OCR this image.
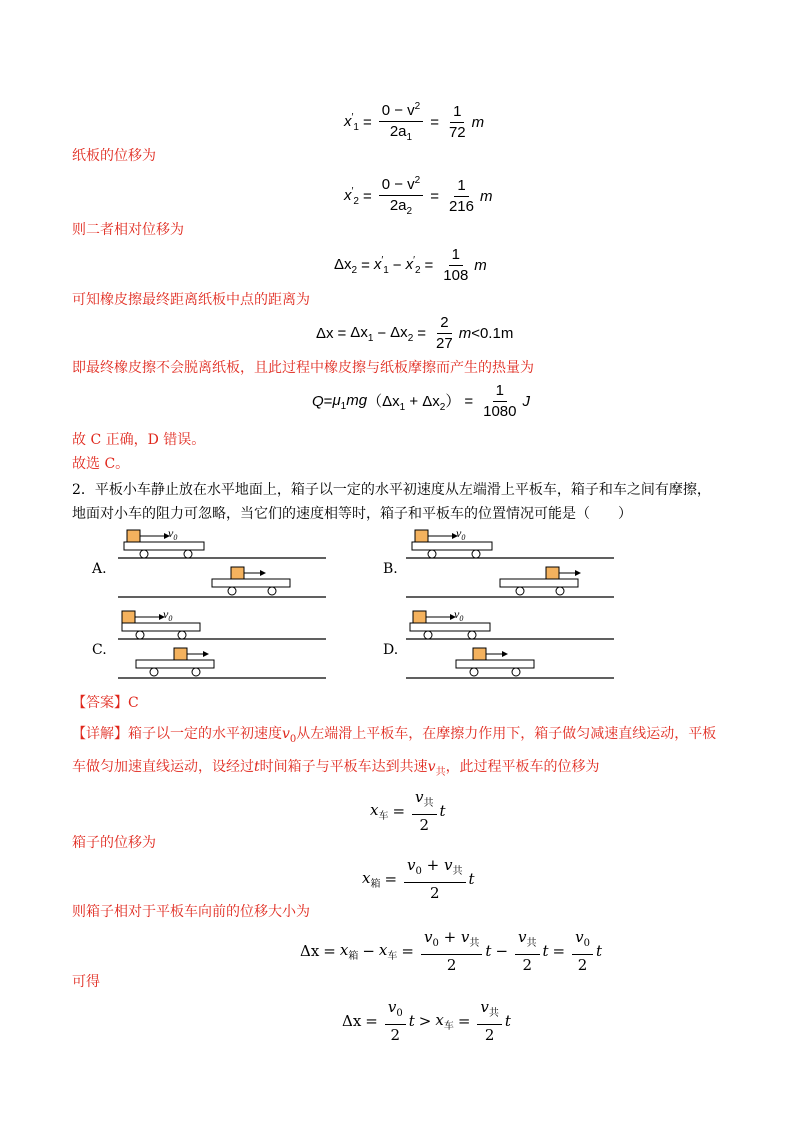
$x'_1 = \frac{0 - v^2}{2a_1} = \frac{1}{72}$ m
纸板的位移为
$x'_2 = \frac{0 - v^2}{2a_2} = \frac{1}{216}$ m
则二者相对位移为
$\Delta x_2 = x'_1 - x'_2 = \frac{1}{108}$ m
可知橡皮擦最终距离纸板中点的距离为
$\Delta x = \Delta x_1 - \Delta x_2 = \frac{2}{27}$ m < 0.1m
即最终橡皮擦不会脱离纸板，且此过程中橡皮擦与纸板摩擦而产生的热量为
$Q = \mu_1mg$ $(\Delta x_1 + \Delta x_2) = \frac{1}{1080}$ J
故 C 正确，D 错误。
故选 C。
2．平板小车静止放在水平地面上，箱子以一定的水平初速度从左端滑上平板车，箱子和车之间有摩擦，
地面对小车的阻力可忽略，当它们的速度相等时，箱子和平板车的位置情况可能是（　　）
A.	B.
C.	D.
$v_0$	$v_0$
$v_0$	$v_0$
【答案】C
【详解】箱子以一定的水平初速度$v_0$从左端滑上平板车，在摩擦力作用下，箱子做匀减速直线运动，平板
车做匀加速直线运动，设经过t时间箱子与平板车达到共速$v_共$，此过程平板车的位移为
$x_车 = \frac{v_共}{2}$ t
箱子的位移为
$x_箱 = \frac{v_0 + v_共}{2}$ t
则箱子相对于平板车向前的位移大小为
$\Delta x = x_箱 - x_车 = \frac{v_0 + v_共}{2}$ $t - \frac{v_共}{2}$ $t = \frac{v_0}{2}$ t
可得
$\Delta x = \frac{v_0}{2}$ $t > x_车 = \frac{v_共}{2}$ t
